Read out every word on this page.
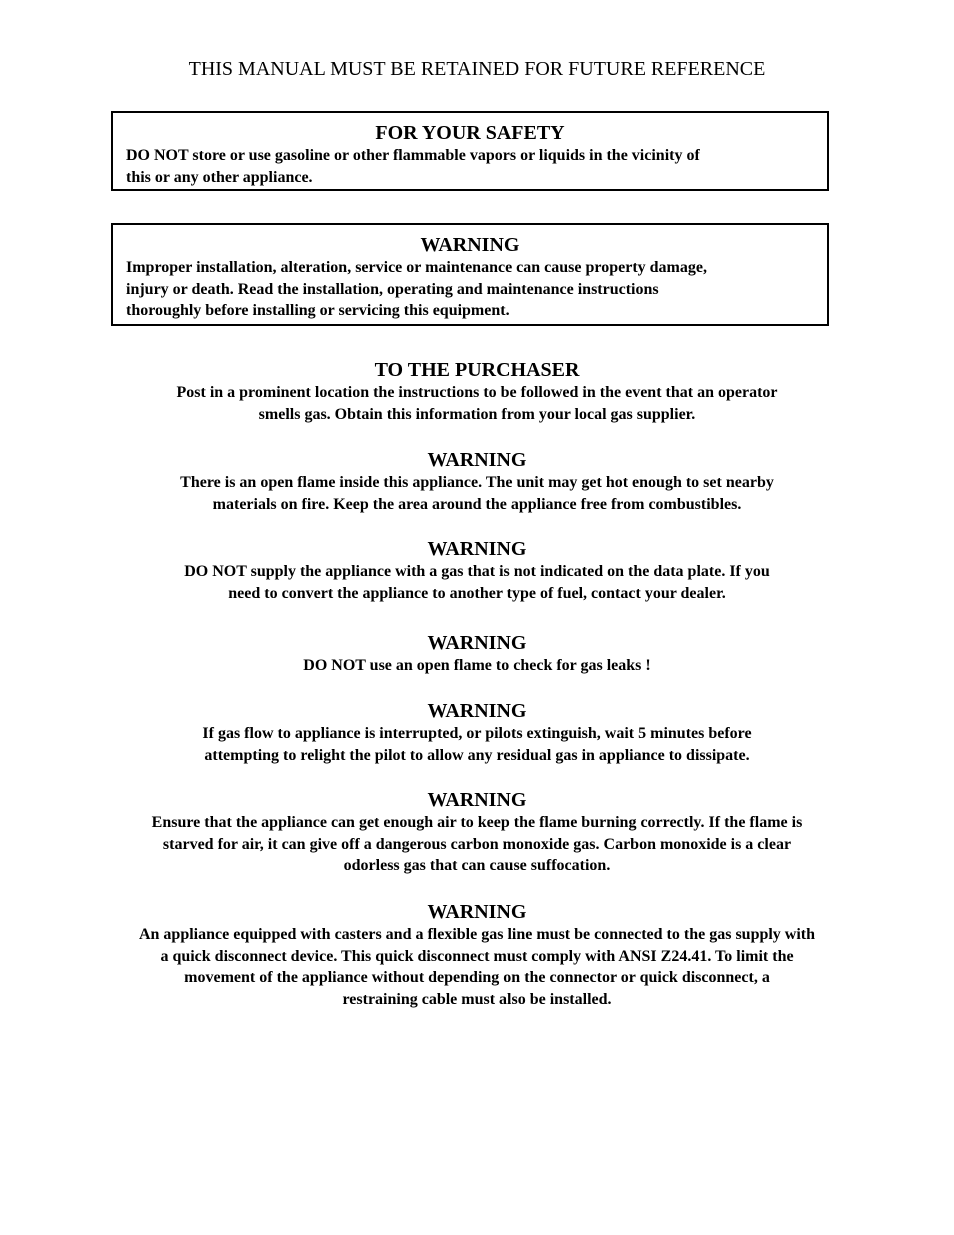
THIS MANUAL MUST BE RETAINED FOR FUTURE REFERENCE
FOR YOUR SAFETY
DO NOT store or use gasoline or other flammable vapors or liquids in the vicinity of
this or any other appliance.
WARNING
Improper installation, alteration, service or maintenance can cause property damage,
injury or death. Read the installation, operating and maintenance instructions
thoroughly before installing or servicing this equipment.
TO THE PURCHASER
Post in a prominent location the instructions to be followed in the event that an operator
smells gas. Obtain this information from your local gas supplier.
WARNING
There is an open flame inside this appliance. The unit may get hot enough to set nearby
materials on fire. Keep the area around the appliance free from combustibles.
WARNING
DO NOT supply the appliance with a gas that is not indicated on the data plate. If you
need to convert the appliance to another type of fuel, contact your dealer.
WARNING
DO NOT use an open flame to check for gas leaks !
WARNING
If gas flow to appliance is interrupted, or pilots extinguish, wait 5 minutes before
attempting to relight the pilot to allow any residual gas in appliance to dissipate.
WARNING
Ensure that the appliance can get enough air to keep the flame burning correctly. If the flame is
starved for air, it can give off a dangerous carbon monoxide gas. Carbon monoxide is a clear
odorless gas that can cause suffocation.
WARNING
An appliance equipped with casters and a flexible gas line must be connected to the gas supply with
a quick disconnect device. This quick disconnect must comply with ANSI Z24.41. To limit the
movement of the appliance without depending on the connector or quick disconnect, a
restraining cable must also be installed.
